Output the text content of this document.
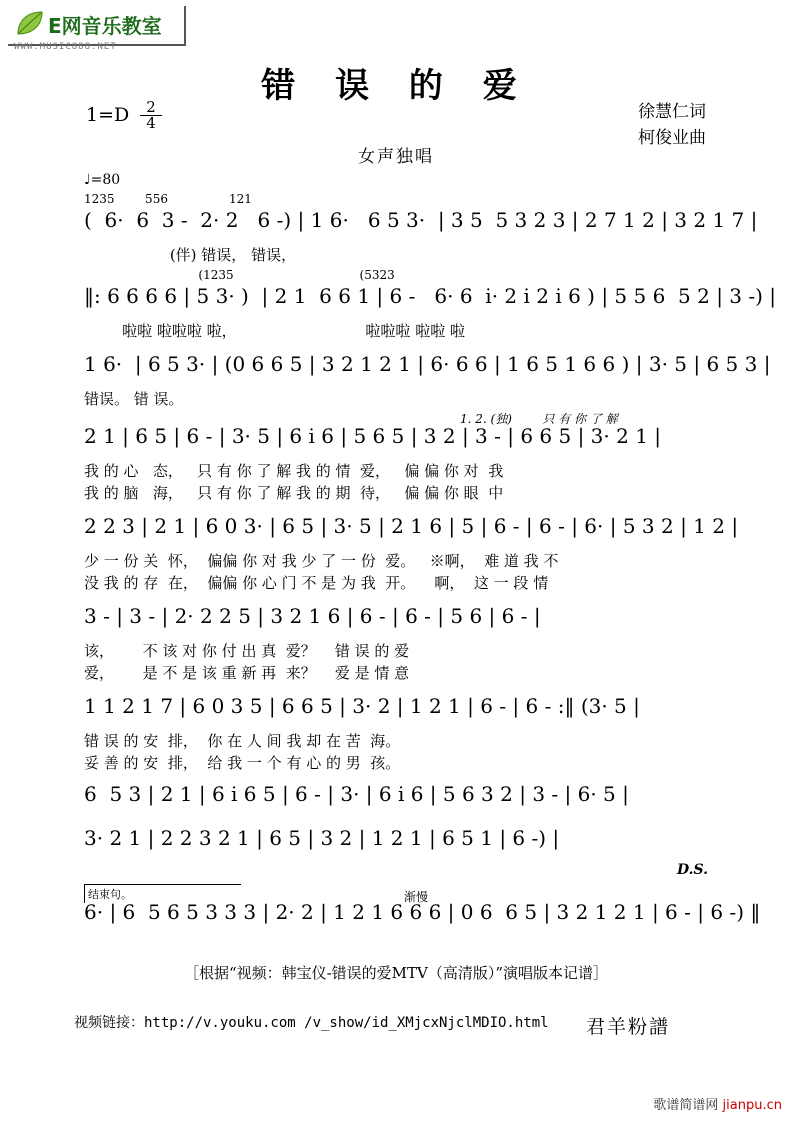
E网音乐教室
WWW.MUSIC888.NET
错 误 的 爱
$1=D \frac{2}{4}$	徐慧仁词
柯俊业曲
女声独唱
♩=80
1235        556                121
(  6·  6  3 -  2· 2   6 -) | 1 6·   6 5 3·  | 3 5  5 3 2 3 | 2 7 1 2 | 3 2 1 7 |
(伴) 错误， 错误，
(1235                                 (5323
‖: 6 6 6 6 | 5 3· )  | 2 1  6 6 1 | 6 -   6· 6  i· 2 i 2 i 6 ) | 5 5 6  5 2 | 3 -) |
啦啦 啦啦啦 啦，                           啦啦啦 啦啦 啦
1 6·  | 6 5 3· | (0 6 6 5 | 3 2 1 2 1 | 6· 6 6 | 1 6 5 1 6 6 ) | 3· 5 | 6 5 3 |
错误。 错 误。
1. 2. (独)        只 有 你 了 解
2 1 | 6 5 | 6 - | 3· 5 | 6 i 6 | 5 6 5 | 3 2 | 3 - | 6 6 5 | 3· 2 1 |
我 的 心   态，   只 有 你 了 解 我 的 情  爱，   偏 偏 你 对  我
我 的 脑   海，   只 有 你 了 解 我 的 期  待，   偏 偏 你 眼  中
2 2 3 | 2 1 | 6 0 3· | 6 5 | 3· 5 | 2 1 6 | 5 | 6 - | 6 - | 6· | 5 3 2 | 1 2 |
少 一 份 关  怀，  偏偏 你 对 我 少 了 一 份  爱。   ※啊，  难 道 我 不
没 我 的 存  在，  偏偏 你 心 门 不 是 为 我  开。    啊，  这 一 段 情
3 - | 3 - | 2· 2 2 5 | 3 2 1 6 | 6 - | 6 - | 5 6 | 6 - |
该，      不 该 对 你 付 出 真  爱？    错 误 的 爱
爱，      是 不 是 该 重 新 再  来？    爱 是 情 意
1 1 2 1 7 | 6 0 3 5 | 6 6 5 | 3· 2 | 1 2 1 | 6 - | 6 - :‖ (3· 5 |
错 误 的 安  排，  你 在 人 间 我 却 在 苦  海。
妥 善 的 安  排，  给 我 一 个 有 心 的 男  孩。
6  5 3 | 2 1 | 6 i 6 5 | 6 - | 3· | 6 i 6 | 5 6 3 2 | 3 - | 6· 5 |
3· 2 1 | 2 2 3 2 1 | 6 5 | 3 2 | 1 2 1 | 6 5 1 | 6 -) |
D.S.
结束句。	渐慢
6· | 6  5 6 5 3 3 3 | 2· 2 | 1 2 1 6 6 6 | 0 6  6 5 | 3 2 1 2 1 | 6 - | 6 -) ‖
［根据“视频：韩宝仪-错误的爱MTV（高清版）”演唱版本记谱］
视频链接：http://v.youku.com /v_show/id_XMjcxNjclMDIO.html 君羊粉譜
歌谱简谱网 jianpu.cn
